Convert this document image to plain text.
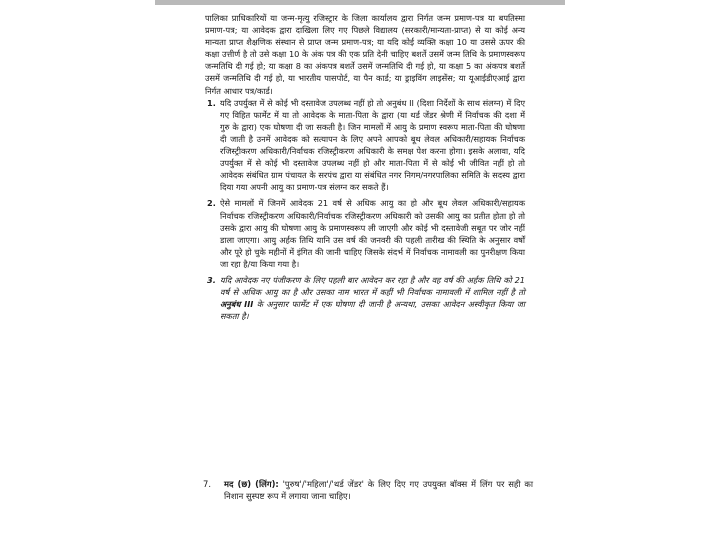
पालिका प्राधिकारियों या जन्म-मृत्यु रजिस्ट्रार के जिला कार्यालय द्वारा निर्गत जन्म प्रमाण-पत्र या बपतिस्मा प्रमाण-पत्र; या आवेदक द्वारा दाखिला लिए गए पिछले विद्यालय (सरकारी/मान्यता-प्राप्त) से या कोई अन्य मान्यता प्राप्त शैक्षणिक संस्थान से प्राप्त जन्म प्रमाण-पत्र; या यदि कोई व्यक्ति कक्षा 10 या उससे ऊपर की कक्षा उत्तीर्ण है तो उसे कक्षा 10 के अंक पत्र की एक प्रति देनी चाहिए बशर्ते उसमें जन्म तिथि के प्रमाणस्वरूप जन्मतिथि दी गई हो; या कक्षा 8 का अंकपत्र बशर्ते उसमें जन्मतिथि दी गई हो, या कक्षा 5 का अंकपत्र बशर्ते उसमें जन्मतिथि दी गई हो, या भारतीय पासपोर्ट, या पैन कार्ड; या ड्राइविंग लाइसेंस; या यूआईडीएआई द्वारा निर्गत आधार पत्र/कार्ड।

1. यदि उपर्युक्त में से कोई भी दस्तावेज उपलब्ध नहीं हो तो अनुबंध II (दिशा निर्देशों के साथ संलग्न) में दिए गए विहित फार्मेट में या तो आवेदक के माता-पिता के द्वारा (या थर्ड जेंडर श्रेणी में निर्वाचक की दशा में गुरु के द्वारा) एक घोषणा दी जा सकती है। जिन मामलों में आयु के प्रमाण स्वरूप माता-पिता की घोषणा दी जाती है उनमें आवेदक को सत्यापन के लिए अपने आपको बूथ लेवल अधिकारी/सहायक निर्वाचक रजिस्ट्रीकरण अधिकारी/निर्वाचक रजिस्ट्रीकरण अधिकारी के समक्ष पेश करना होगा। इसके अलावा, यदि उपर्युक्त में से कोई भी दस्तावेज उपलब्ध नहीं हो और माता-पिता में से कोई भी जीवित नहीं हो तो आवेदक संबंधित ग्राम पंचायत के सरपंच द्वारा या संबंधित नगर निगम/नगरपालिका समिति के सदस्य द्वारा दिया गया अपनी आयु का प्रमाण-पत्र संलग्न कर सकते हैं।
2. ऐसे मामलों में जिनमें आवेदक 21 वर्ष से अधिक आयु का हो और बूथ लेवल अधिकारी/सहायक निर्वाचक रजिस्ट्रीकरण अधिकारी/निर्वाचक रजिस्ट्रीकरण अधिकारी को उसकी आयु का प्रतीत होता हो तो उसके द्वारा आयु की घोषणा आयु के प्रमाणस्वरूप ली जाएगी और कोई भी दस्तावेजी सबूत पर जोर नहीं डाला जाएगा। आयु अर्हक तिथि यानि उस वर्ष की जनवरी की पहली तारीख की स्थिति के अनुसार वर्षों और पूरे हो चुके महीनों में इंगित की जानी चाहिए जिसके संदर्भ में निर्वाचक नामावली का पुनरीक्षण किया जा रहा है/या किया गया है।
3. यदि आवेदक नए पंजीकरण के लिए पहली बार आवेदन कर रहा है और वह वर्ष की अर्हक तिथि को 21 वर्ष से अधिक आयु का है और उसका नाम भारत में कहीं भी निर्वाचक नामावली में शामिल नहीं है तो अनुबंध III के अनुसार फार्मेट में एक घोषणा दी जानी है अन्यथा, उसका आवेदन अस्वीकृत किया जा सकता है।
7.	मद (छ) (लिंग): 'पुरुष'/'महिला'/'थर्ड जेंडर' के लिए दिए गए उपयुक्त बॉक्स में लिंग पर सही का निशान सुस्पष्ट रूप में लगाया जाना चाहिए।
